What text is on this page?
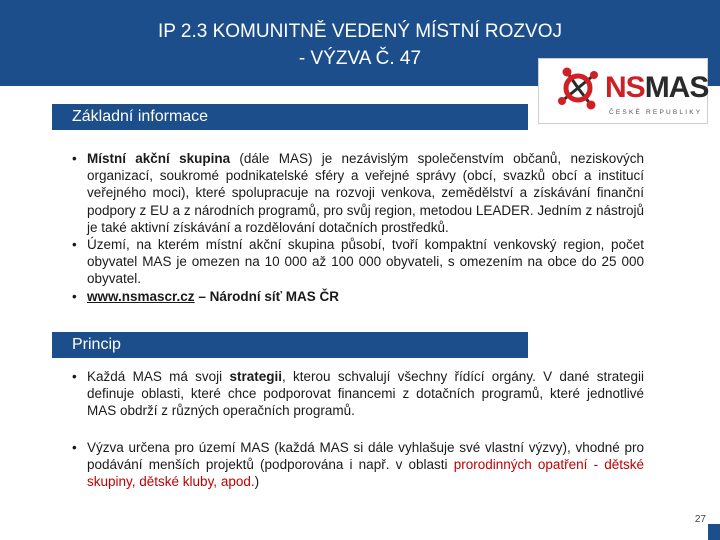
IP 2.3 KOMUNITNĚ VEDENÝ MÍSTNÍ ROZVOJ
- VÝZVA Č. 47
NSMAS
ČESKÉ REPUBLIKY
Základní informace
• Místní akční skupina (dále MAS) je nezávislým společenstvím občanů, neziskových organizací, soukromé podnikatelské sféry a veřejné správy (obcí, svazků obcí a institucí veřejného moci), které spolupracuje na rozvoji venkova, zemědělství a získávání finanční podpory z EU a z národních programů, pro svůj region, metodou LEADER. Jedním z nástrojů je také aktivní získávání a rozdělování dotačních prostředků.
• Území, na kterém místní akční skupina působí, tvoří kompaktní venkovský region, počet obyvatel MAS je omezen na 10 000 až 100 000 obyvateli, s omezením na obce do 25 000 obyvatel.
• www.nsmascr.cz – Národní síť MAS ČR
Princip
• Každá MAS má svoji strategii, kterou schvalují všechny řídící orgány. V dané strategii definuje oblasti, které chce podporovat financemi z dotačních programů, které jednotlivé MAS obdrží z různých operačních programů.
• Výzva určena pro území MAS (každá MAS si dále vyhlašuje své vlastní výzvy), vhodné pro podávání menších projektů (podporována i např. v oblasti prorodinných opatření - dětské skupiny, dětské kluby, apod.)
27
